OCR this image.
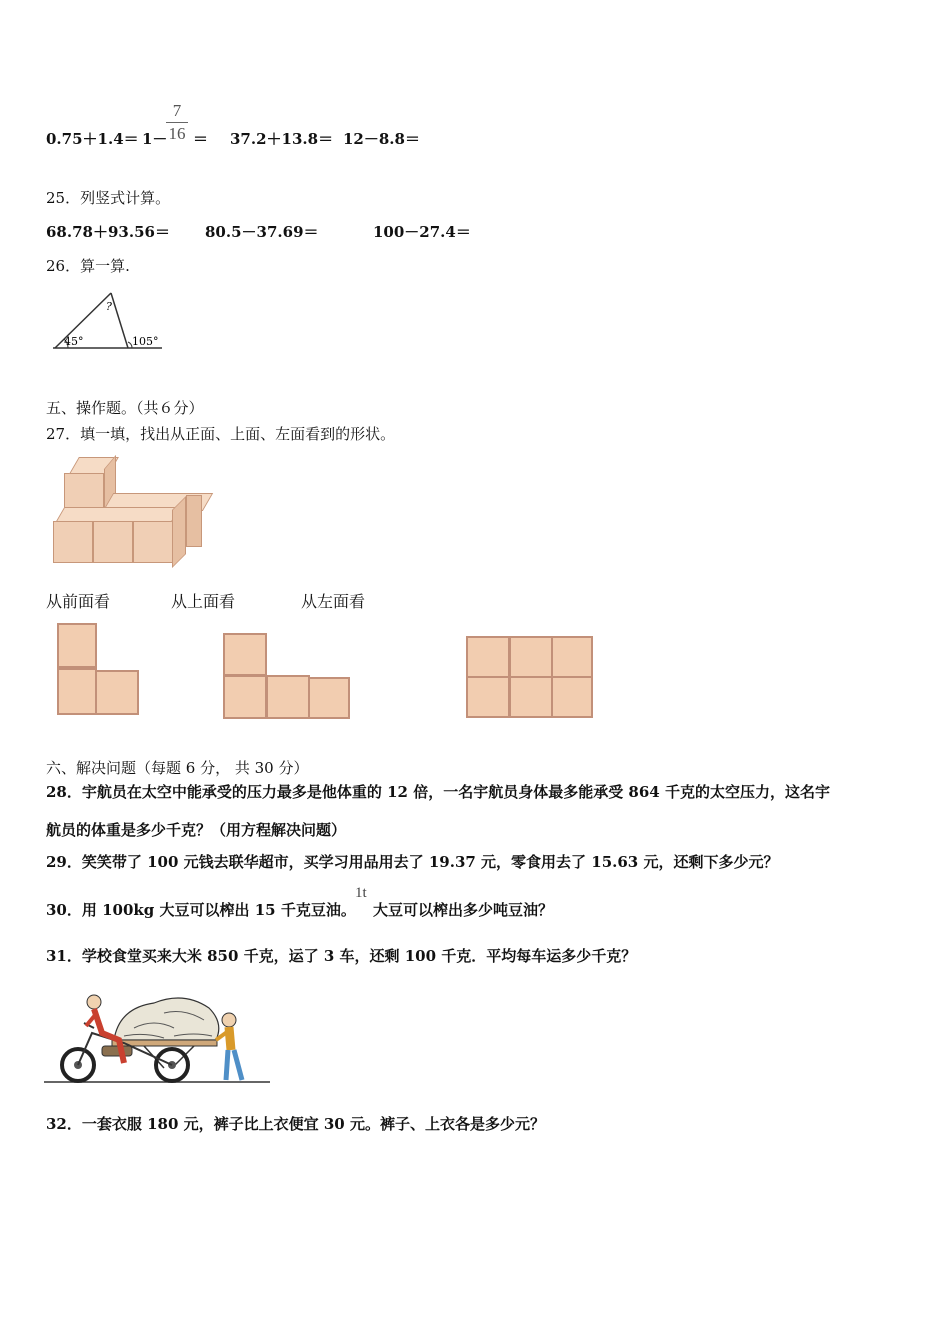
0.75＋1.4＝ 1－
7
16 ＝ 37.2＋13.8＝ 12－8.8＝
25．列竖式计算。
68.78＋93.56＝ 80.5－37.69＝	100－27.4＝
26．算一算.
?
45°	105°
五、操作题。（共６分）
27．填一填，找出从正面、上面、左面看到的形状。
从前面看	从上面看	从左面看
六、解决问题（每题 6 分， 共 30 分）
28．宇航员在太空中能承受的压力最多是他体重的 12 倍，一名宇航员身体最多能承受 864 千克的太空压力，这名宇
航员的体重是多少千克？（用方程解决问题）
29．笑笑带了 100 元钱去联华超市，买学习用品用去了 19.37 元，零食用去了 15.63 元，还剩下多少元？
30．用 100kg 大豆可以榨出 15 千克豆油。
1t
大豆可以榨出多少吨豆油？
31．学校食堂买来大米 850 千克，运了 3 车，还剩 100 千克．平均每车运多少千克？
32．一套衣服 180 元，裤子比上衣便宜 30 元。裤子、上衣各是多少元？
